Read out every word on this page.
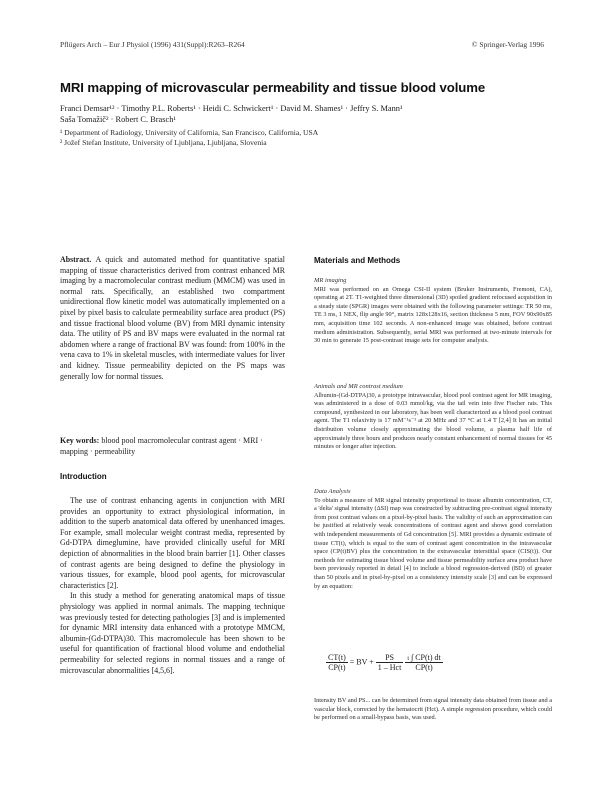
Pflügers Arch – Eur J Physiol (1996) 431(Suppl):R263–R264	© Springer-Verlag 1996
MRI mapping of microvascular permeability and tissue blood volume
Franci Demsar¹² · Timothy P.L. Roberts¹ · Heidi C. Schwickert¹ · David M. Shames¹ · Jeffry S. Mann¹
Saša Tomažič² · Robert C. Brasch¹
¹ Department of Radiology, University of California, San Francisco, California, USA
² Jožef Stefan Institute, University of Ljubljana, Ljubljana, Slovenia

Abstract. A quick and automated method for quantitative spatial mapping of tissue characteristics derived from contrast enhanced MR imaging by a macromolecular contrast medium (MMCM) was used in normal rats. Specifically, an established two compartment unidirectional flow kinetic model was automatically implemented on a pixel by pixel basis to calculate permeability surface area product (PS) and tissue fractional blood volume (BV) from MRI dynamic intensity data. The utility of PS and BV maps were evaluated in the normal rat abdomen where a range of fractional BV was found: from 100% in the vena cava to 1% in skeletal muscles, with intermediate values for liver and kidney. Tissue permeability depicted on the PS maps was generally low for normal tissues.

Key words: blood pool macromolecular contrast agent · MRI · mapping · permeability
Introduction

The use of contrast enhancing agents in conjunction with MRI provides an opportunity to extract physiological information, in addition to the superb anatomical data offered by unenhanced images. For example, small molecular weight contrast media, represented by Gd-DTPA dimeglumine, have provided clinically useful for MRI depiction of abnormalities in the blood brain barrier [1]. Other classes of contrast agents are being designed to define the physiology in various tissues, for example, blood pool agents, for microvascular characteristics [2].

In this study a method for generating anatomical maps of tissue physiology was applied in normal animals. The mapping technique was previously tested for detecting pathologies [3] and is implemented for dynamic MRI intensity data enhanced with a prototype MMCM, albumin-(Gd-DTPA)30. This macromolecule has been shown to be useful for quantification of fractional blood volume and endothelial permeability for selected regions in normal tissues and a range of microvascular abnormalities [4,5,6].

Materials and Methods
MR imaging

MRI was performed on an Omega CSI-II system (Bruker Instruments, Fremont, CA), operating at 2T. T1-weighted three dimensional (3D) spoiled gradient refocused acquisition in a steady state (SPGR) images were obtained with the following parameter settings: TR 50 ms, TE 3 ms, 1 NEX, flip angle 90°, matrix 128x128x16, section thickness 5 mm, FOV 90x90x85 mm, acquisition time 102 seconds. A non-enhanced image was obtained, before contrast medium administration. Subsequently, serial MRI was performed at two-minute intervals for 30 min to generate 15 post-contrast image sets for computer analysis.

Animals and MR contrast medium

Albumin-(Gd-DTPA)30, a prototype intravascular, blood pool contrast agent for MR imaging, was administered in a dose of 0.03 mmol/kg, via the tail vein into five Fischer rats. This compound, synthesized in our laboratory, has been well characterized as a blood pool contrast agent. The T1 relaxivity is 17 mM⁻¹s⁻¹ at 20 MHz and 37 °C at 1.4 T [2,4] It has an initial distribution volume closely approximating the blood volume, a plasma half life of approximately three hours and produces nearly constant enhancement of normal tissues for 45 minutes or longer after injection.

Data Analysis

To obtain a measure of MR signal intensity proportional to tissue albumin concentration, CT, a 'delta' signal intensity (ΔSI) map was constructed by subtracting pre-contrast signal intensity from post contrast values on a pixel-by-pixel basis. The validity of such an approximation can be justified at relatively weak concentrations of contrast agent and shows good correlation with independent measurements of Gd concentration [5]. MRI provides a dynamic estimate of tissue CT(t), which is equal to the sum of contrast agent concentration in the intravascular space (CP(t)BV) plus the concentration in the extravascular interstitial space (CIS(t)). Our methods for estimating tissue blood volume and tissue permeability surface area product have been previously reported in detail [4] to include a blood regression-derived (BD) of greater than 50 pixels and in pixel-by-pixel on a consistency intensity scale [3] and can be expressed by an equation:

$\frac{CT(t)}{CP(t)}$ = BV + $\frac{PS}{\text{1 – Hct}}$
$\frac{t \int CP(t) dt}{CP(t)}$

Intensity BV and PS... can be determined from signal intensity data obtained from tissue and a vascular block, corrected by the hematocrit (Hct). A simple regression procedure, which could be performed on a small-bypass basis, was used.
